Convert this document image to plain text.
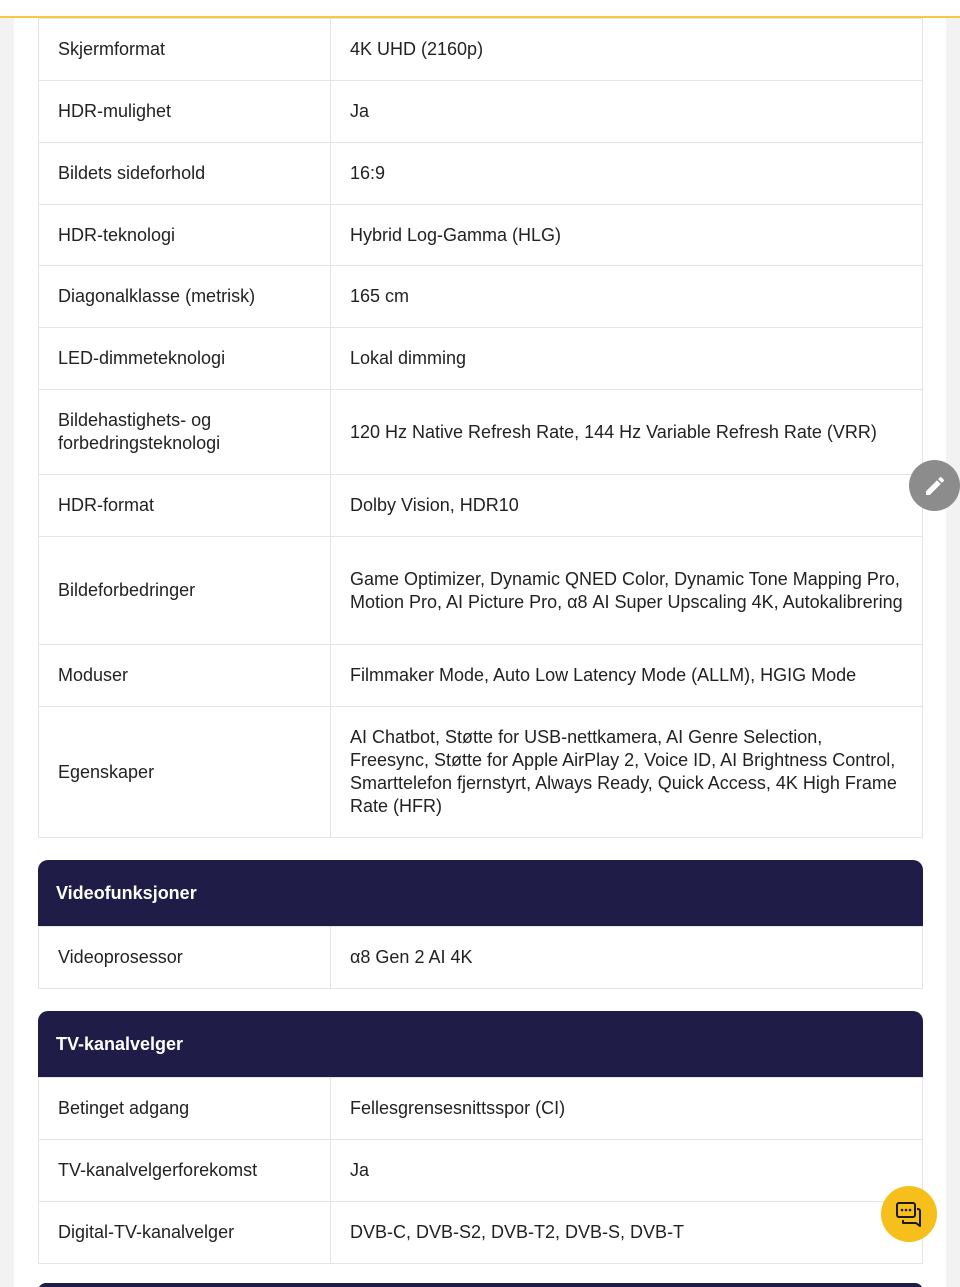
Skjermformat	4K UHD (2160p)
HDR-mulighet	Ja
Bildets sideforhold	16:9
HDR-teknologi	Hybrid Log-Gamma (HLG)
Diagonalklasse (metrisk)	165 cm
LED-dimmeteknologi	Lokal dimming
Bildehastighets- og forbedringsteknologi	120 Hz Native Refresh Rate, 144 Hz Variable Refresh Rate (VRR)
HDR-format	Dolby Vision, HDR10
Bildeforbedringer	Game Optimizer, Dynamic QNED Color, Dynamic Tone Mapping Pro, Motion Pro, AI Picture Pro, α8 AI Super Upscaling 4K, Autokalibrering
Moduser	Filmmaker Mode, Auto Low Latency Mode (ALLM), HGIG Mode
Egenskaper	AI Chatbot, Støtte for USB-nettkamera, AI Genre Selection, Freesync, Støtte for Apple AirPlay 2, Voice ID, AI Brightness Control, Smarttelefon fjernstyrt, Always Ready, Quick Access, 4K High Frame Rate (HFR)
Videofunksjoner
Videoprosessor	α8 Gen 2 AI 4K
TV-kanalvelger
Betinget adgang	Fellesgrensesnittsspor (CI)
TV-kanalvelgerforekomst	Ja
Digital-TV-kanalvelger	DVB-C, DVB-S2, DVB-T2, DVB-S, DVB-T
